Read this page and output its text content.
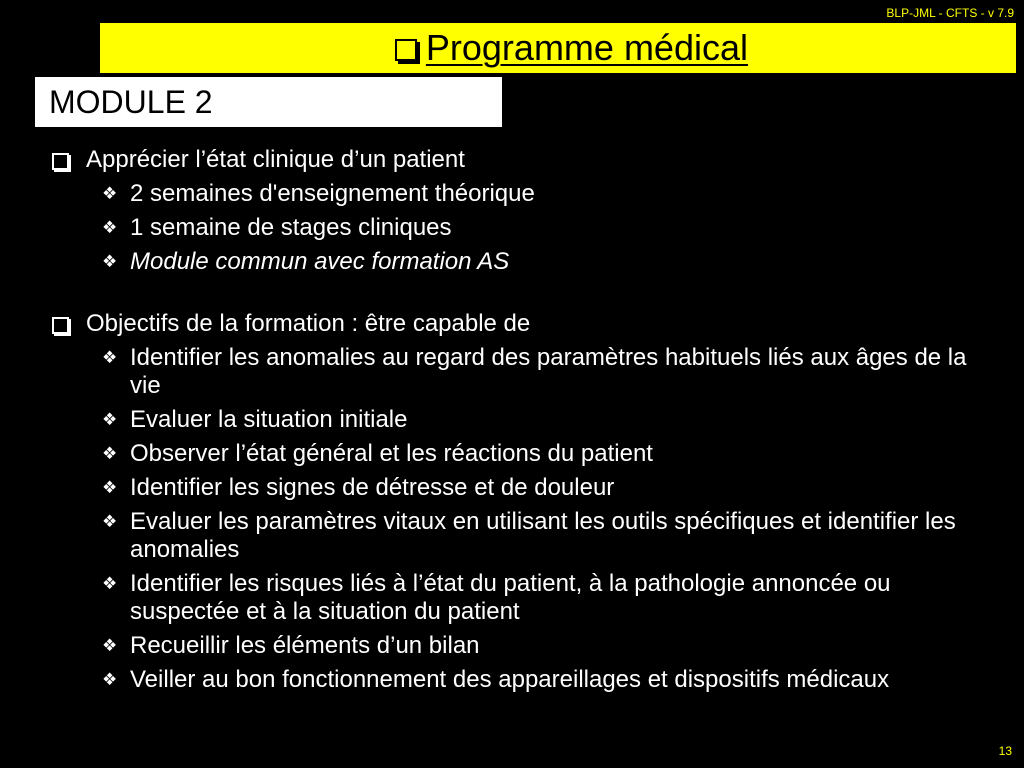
BLP-JML - CFTS - v 7.9
Programme médical
MODULE 2
Apprécier l’état clinique d’un patient
❖ 2 semaines d'enseignement théorique
❖ 1 semaine de stages cliniques
❖ Module commun avec formation AS
Objectifs de la formation : être capable de
❖ Identifier les anomalies au regard des paramètres habituels liés aux âges de la vie
❖ Evaluer la situation initiale
❖ Observer l’état général et les réactions du patient
❖ Identifier les signes de détresse et de douleur
❖ Evaluer les paramètres vitaux en utilisant les outils spécifiques et identifier les anomalies
❖ Identifier les risques liés à l’état du patient, à la pathologie annoncée ou suspectée et à la situation du patient
❖ Recueillir les éléments d’un bilan
❖ Veiller au bon fonctionnement des appareillages et dispositifs médicaux
13
